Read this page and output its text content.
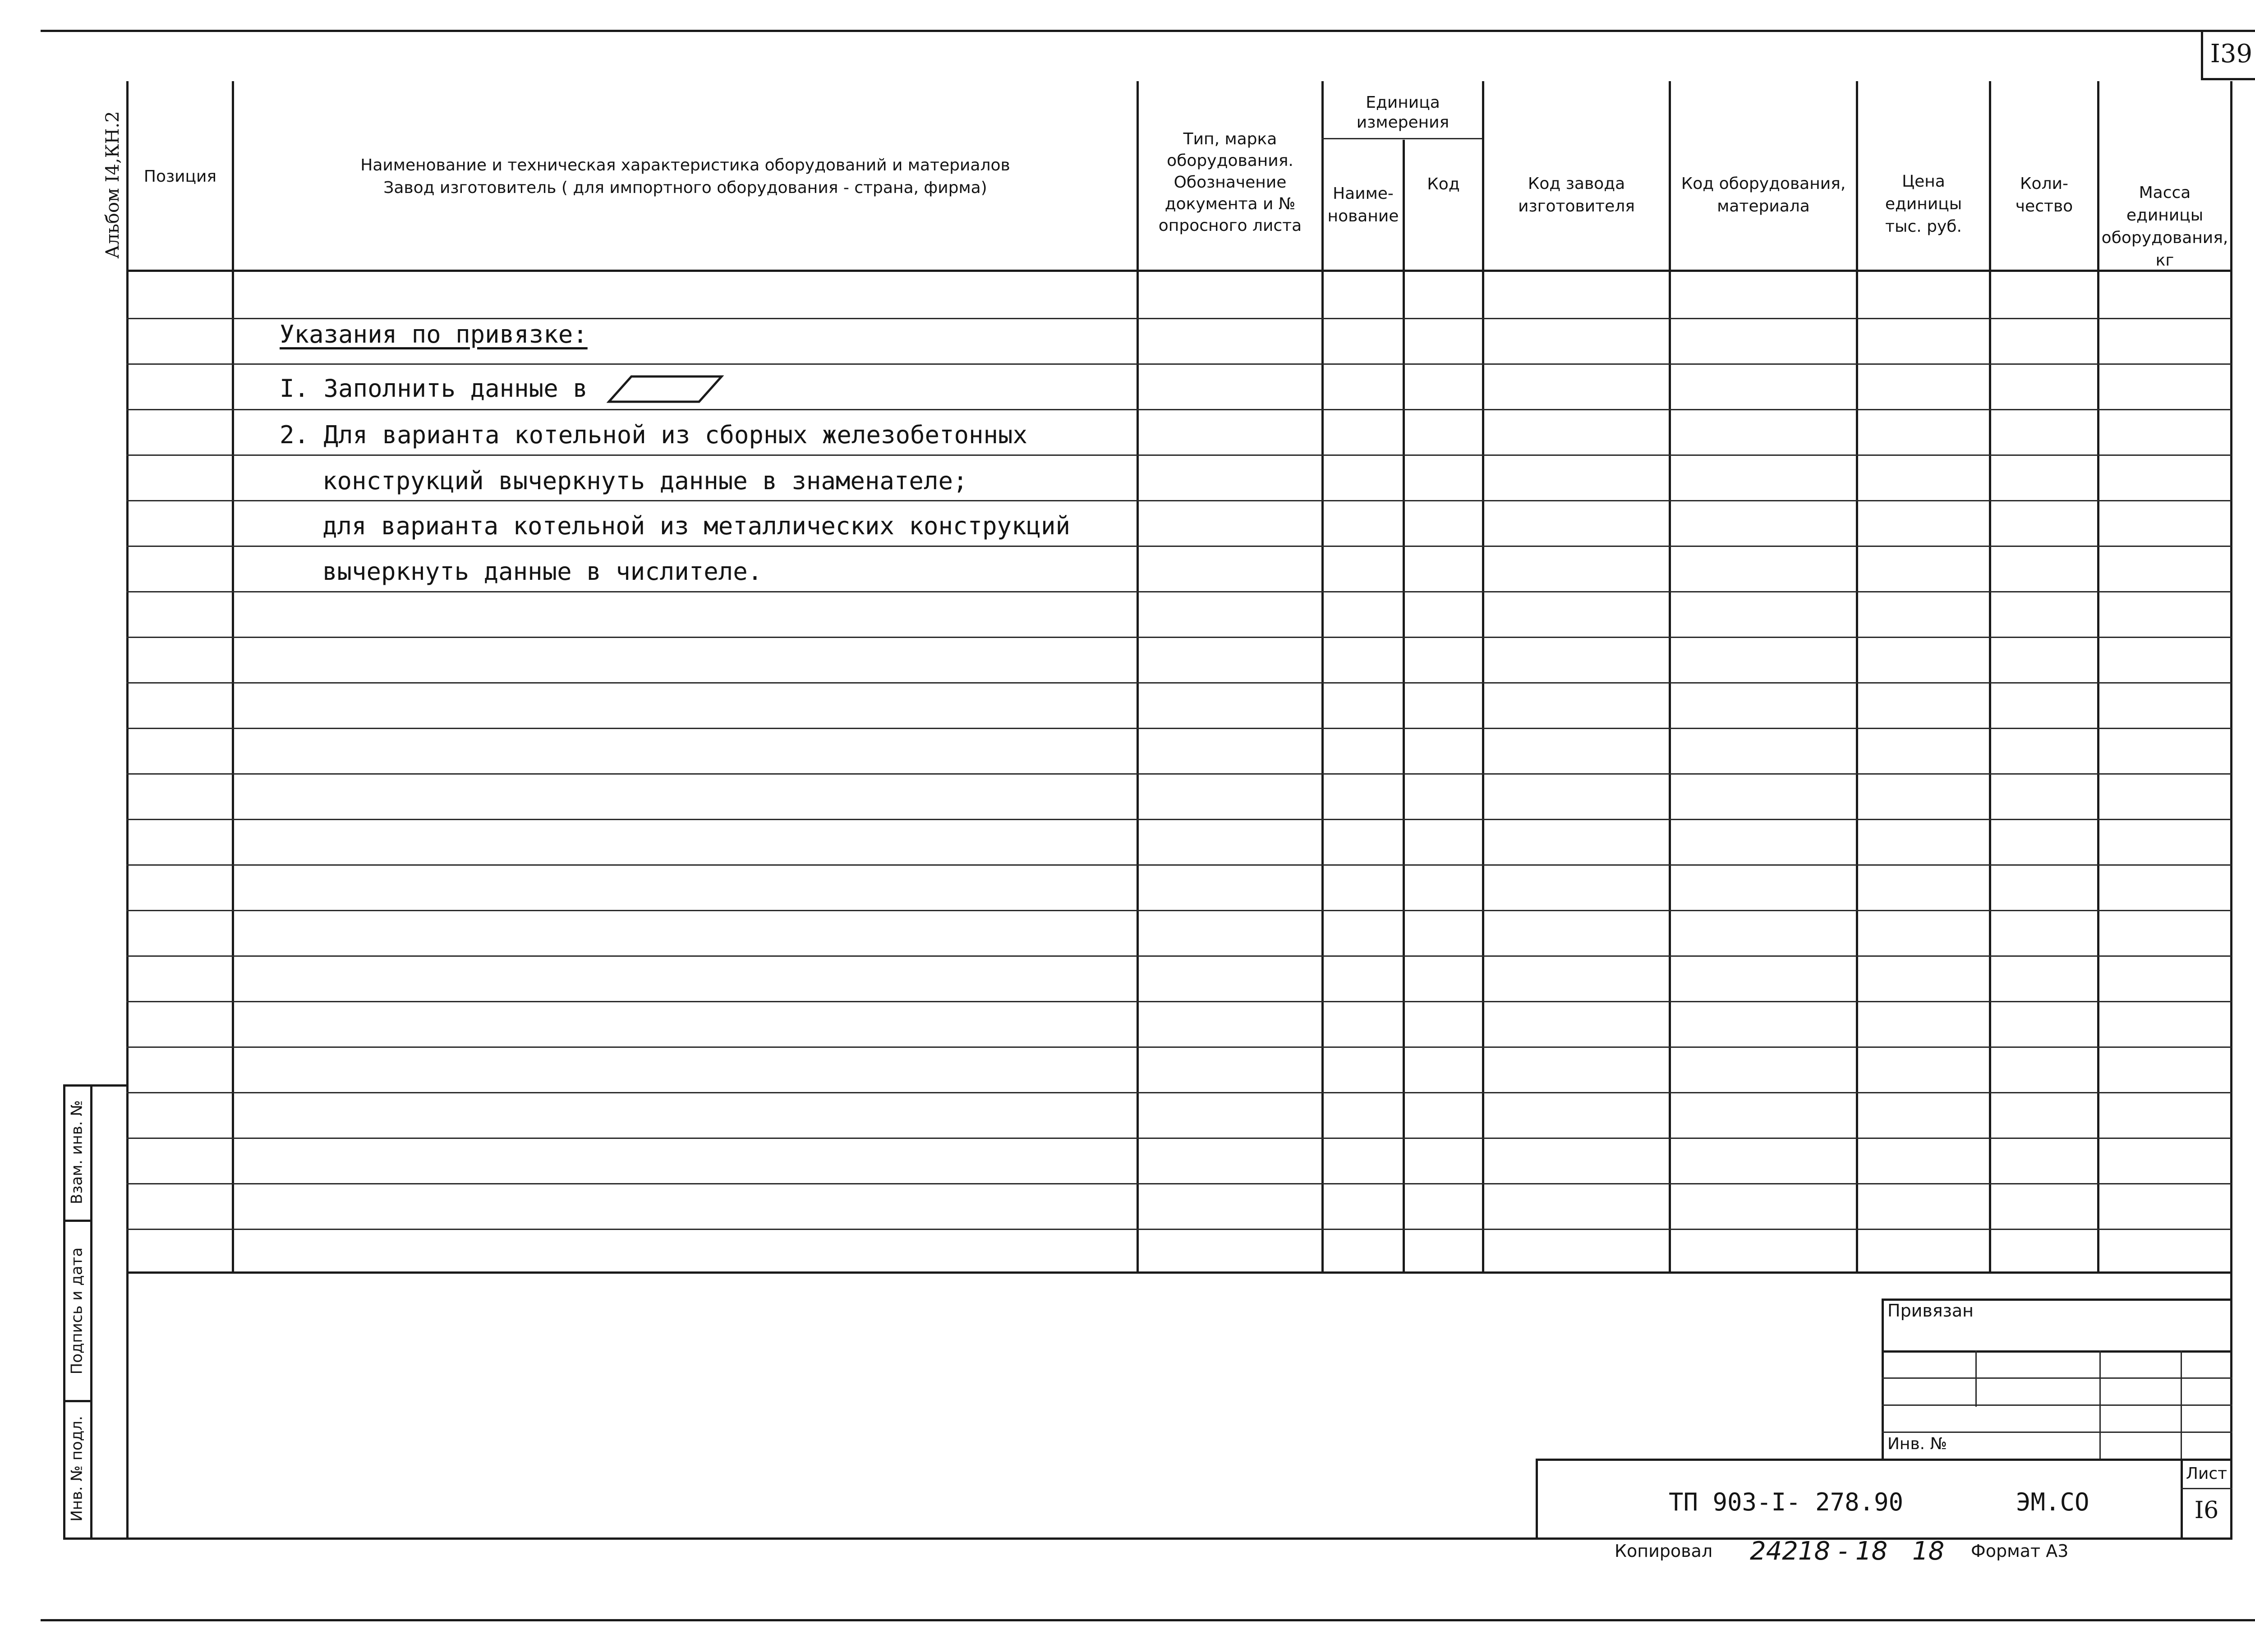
I39
Позиция
Наименование и техническая характеристика оборудований и материалов
Завод изготовитель ( для импортного оборудования - страна, фирма)
Тип, марка
оборудования.
Обозначение
документа и №
опросного листа
Единица
измерения
Наиме-
нование
Код	Код завода
изготовителя
Код оборудования,
материала
Цена
единицы
тыс. руб.
Коли-
чество
Масса
единицы
оборудования,
кг
Указания по привязке:
I. Заполнить данные в
2. Для варианта котельной из сборных железобетонных
конструкций вычеркнуть данные в знаменателе;
для варианта котельной из металлических конструкций
вычеркнуть данные в числителе.
Альбом I4,КН.2
Взам. инв. №
Подпись и дата
Инв. № подл.
Привязан
Инв. №
Лист
I6
ТП 903-I- 278.90	ЭМ.СО
Копировал 24218 - 18 18 Формат А3
